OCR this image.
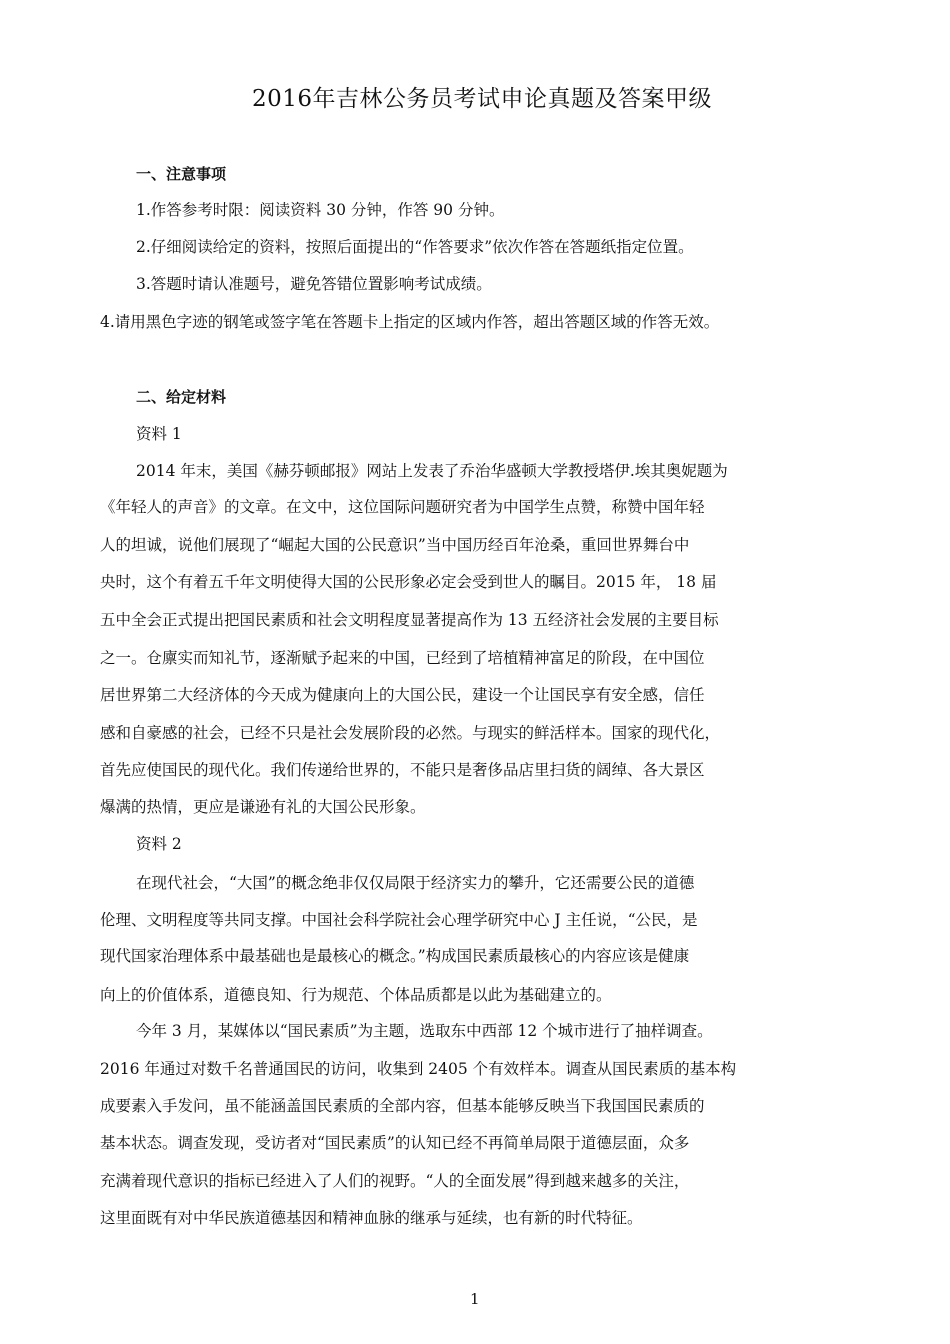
2016年吉林公务员考试申论真题及答案甲级
一、注意事项
1.作答参考时限：阅读资料 30 分钟，作答 90 分钟。
2.仔细阅读给定的资料，按照后面提出的“作答要求”依次作答在答题纸指定位置。
3.答题时请认准题号，避免答错位置影响考试成绩。
4.请用黑色字迹的钢笔或签字笔在答题卡上指定的区域内作答，超出答题区域的作答无效。
二、给定材料
资料 1
2014 年末，美国《赫芬顿邮报》网站上发表了乔治华盛顿大学教授塔伊.埃其奥妮题为
《年轻人的声音》的文章。在文中，这位国际问题研究者为中国学生点赞，称赞中国年轻
人的坦诚，说他们展现了“崛起大国的公民意识”当中国历经百年沧桑，重回世界舞台中
央时，这个有着五千年文明使得大国的公民形象必定会受到世人的瞩目。2015 年， 18 届
五中全会正式提出把国民素质和社会文明程度显著提高作为 13 五经济社会发展的主要目标
之一。仓廪实而知礼节，逐渐赋予起来的中国，已经到了培植精神富足的阶段，在中国位
居世界第二大经济体的今天成为健康向上的大国公民，建设一个让国民享有安全感，信任
感和自豪感的社会，已经不只是社会发展阶段的必然。与现实的鲜活样本。国家的现代化，
首先应使国民的现代化。我们传递给世界的，不能只是奢侈品店里扫货的阔绰、各大景区
爆满的热情，更应是谦逊有礼的大国公民形象。
资料 2
在现代社会，“大国”的概念绝非仅仅局限于经济实力的攀升，它还需要公民的道德
伦理、文明程度等共同支撑。中国社会科学院社会心理学研究中心 J 主任说，“公民，是
现代国家治理体系中最基础也是最核心的概念。”构成国民素质最核心的内容应该是健康
向上的价值体系，道德良知、行为规范、个体品质都是以此为基础建立的。
今年 3 月，某媒体以“国民素质”为主题，选取东中西部 12 个城市进行了抽样调查。
2016 年通过对数千名普通国民的访问，收集到 2405 个有效样本。调查从国民素质的基本构
成要素入手发问，虽不能涵盖国民素质的全部内容，但基本能够反映当下我国国民素质的
基本状态。调查发现，受访者对“国民素质”的认知已经不再简单局限于道德层面，众多
充满着现代意识的指标已经进入了人们的视野。“人的全面发展”得到越来越多的关注，
这里面既有对中华民族道德基因和精神血脉的继承与延续，也有新的时代特征。
1
